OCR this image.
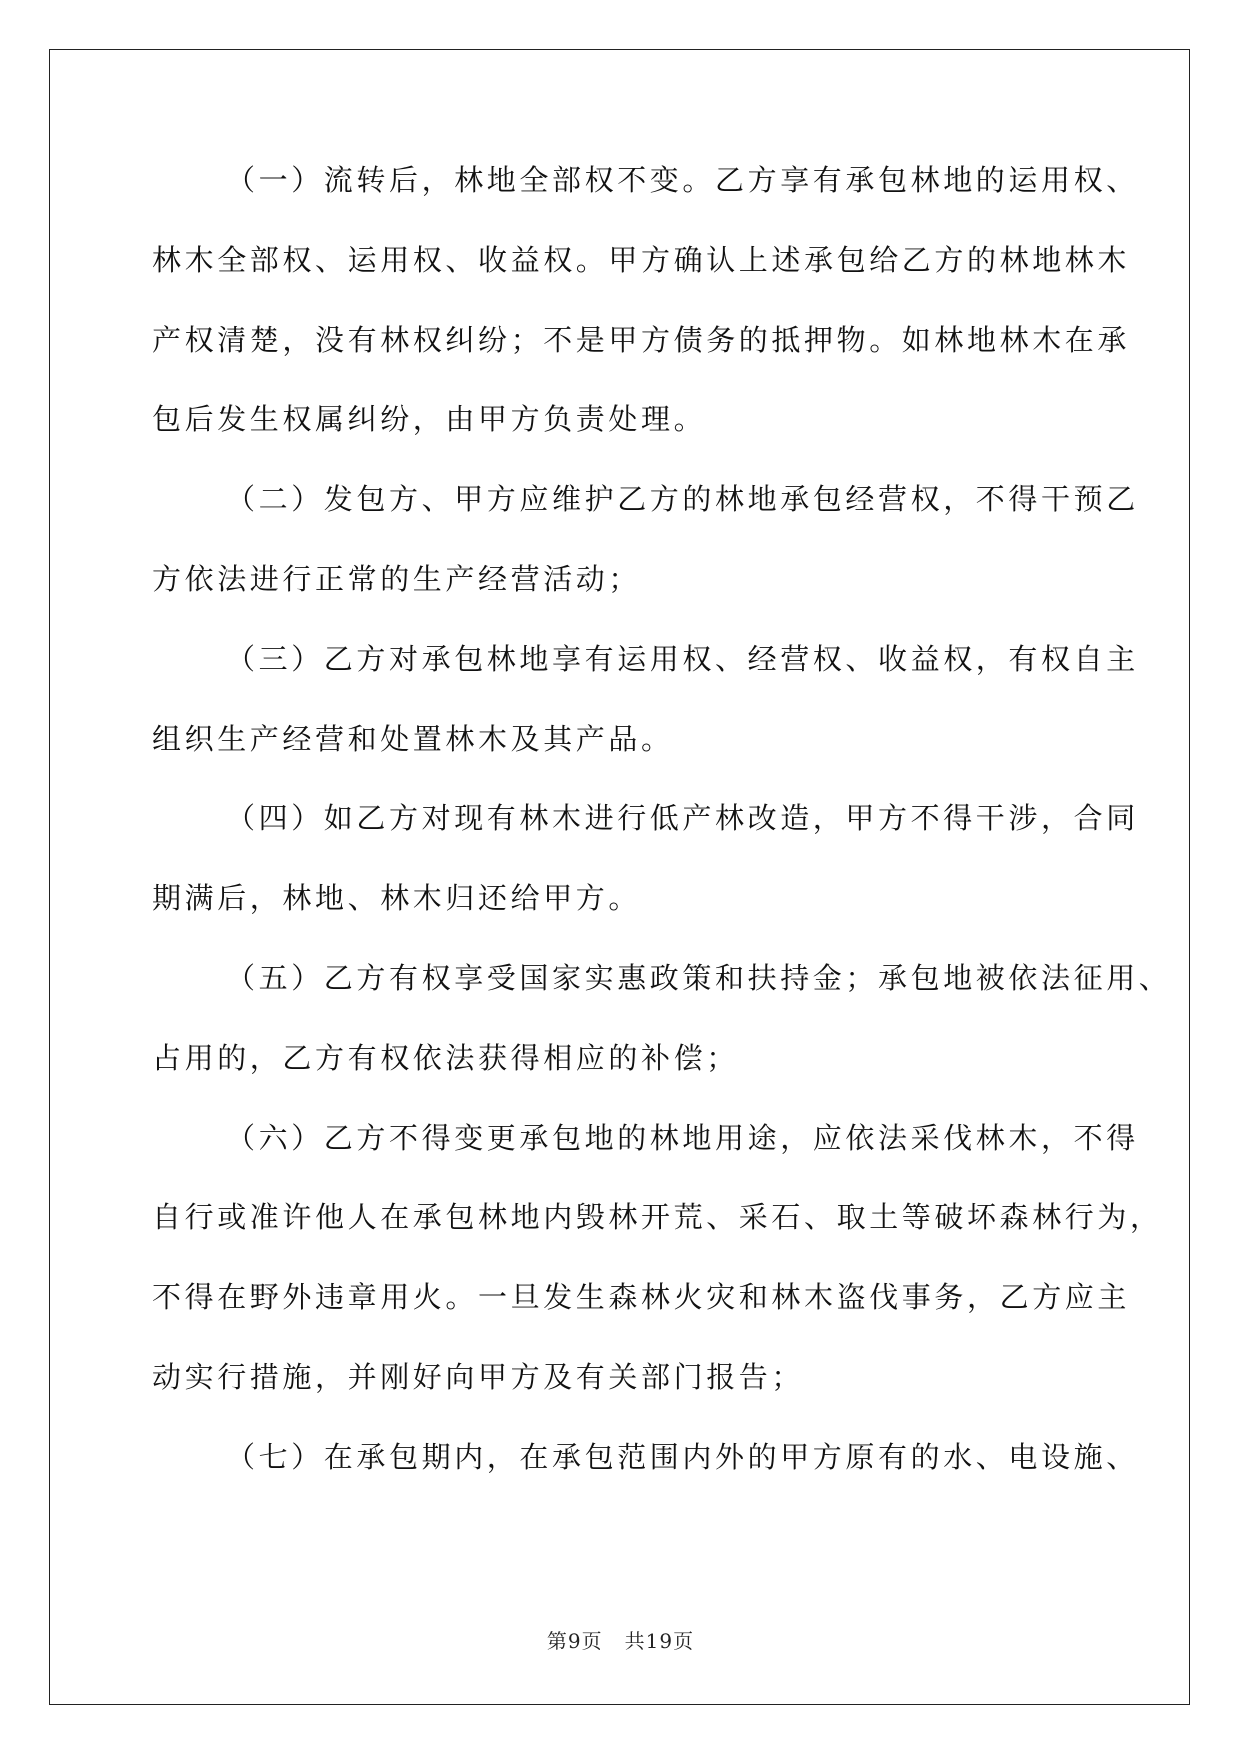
（一）流转后，林地全部权不变。乙方享有承包林地的运用权、
林木全部权、运用权、收益权。甲方确认上述承包给乙方的林地林木
产权清楚，没有林权纠纷；不是甲方债务的抵押物。如林地林木在承
包后发生权属纠纷，由甲方负责处理。
（二）发包方、甲方应维护乙方的林地承包经营权，不得干预乙
方依法进行正常的生产经营活动；
（三）乙方对承包林地享有运用权、经营权、收益权，有权自主
组织生产经营和处置林木及其产品。
（四）如乙方对现有林木进行低产林改造，甲方不得干涉，合同
期满后，林地、林木归还给甲方。
（五）乙方有权享受国家实惠政策和扶持金；承包地被依法征用、
占用的，乙方有权依法获得相应的补偿；
（六）乙方不得变更承包地的林地用途，应依法采伐林木，不得
自行或准许他人在承包林地内毁林开荒、采石、取土等破坏森林行为，
不得在野外违章用火。一旦发生森林火灾和林木盗伐事务，乙方应主
动实行措施，并刚好向甲方及有关部门报告；
（七）在承包期内，在承包范围内外的甲方原有的水、电设施、
第9页 共19页
